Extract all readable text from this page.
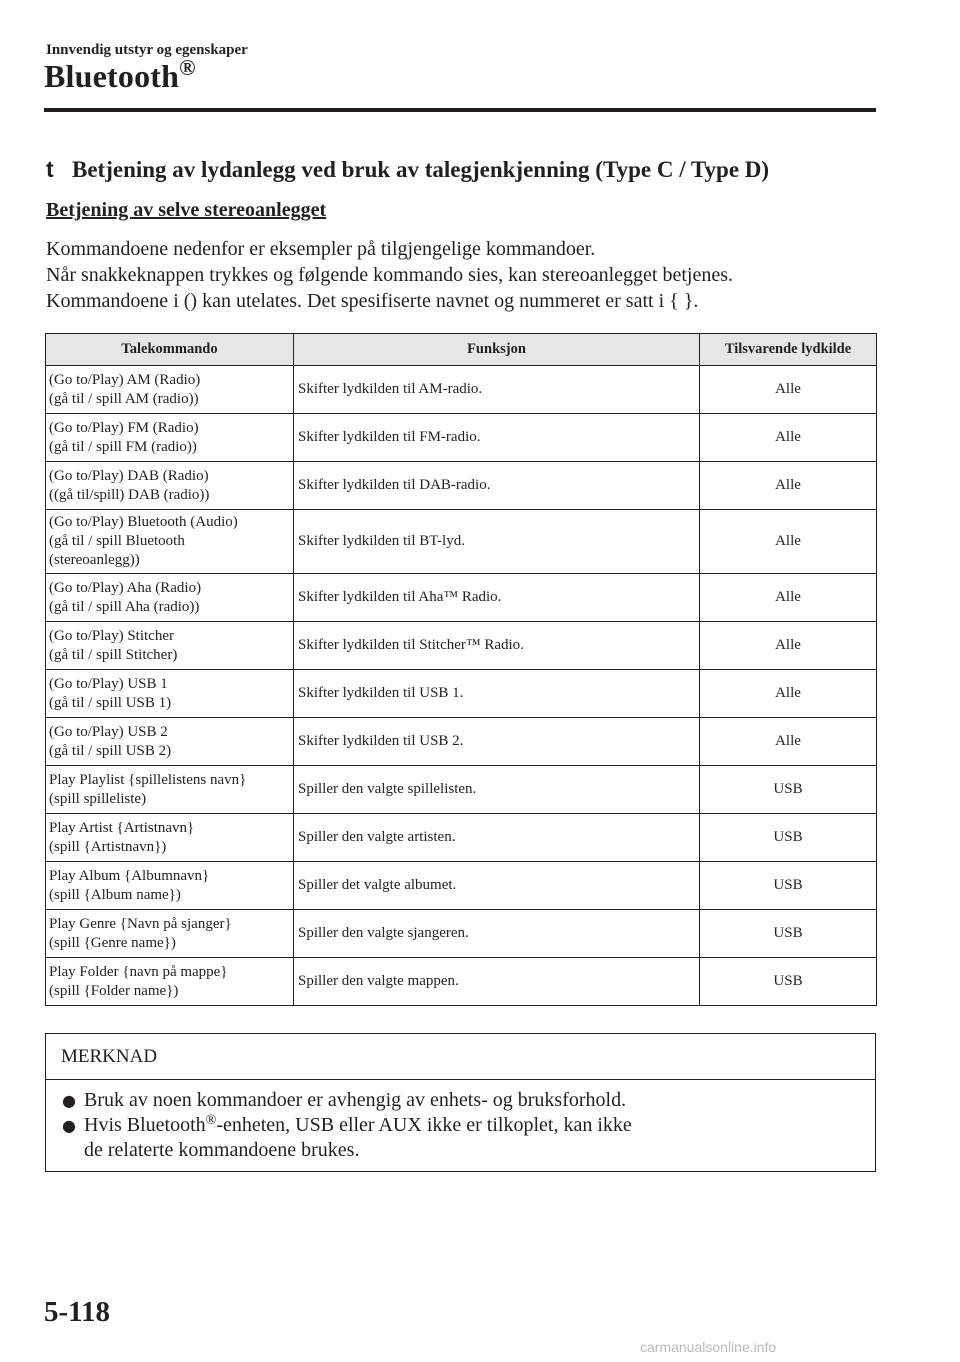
Innvendig utstyr og egenskaper
Bluetooth®
t Betjening av lydanlegg ved bruk av talegjenkjenning (Type C / Type D)
Betjening av selve stereoanlegget
Kommandoene nedenfor er eksempler på tilgjengelige kommandoer.
Når snakkeknappen trykkes og følgende kommando sies, kan stereoanlegget betjenes.
Kommandoene i () kan utelates. Det spesifiserte navnet og nummeret er satt i { }.
Talekommando	Funksjon	Tilsvarende lydkilde

(Go to/Play) AM (Radio)
(gå til / spill AM (radio))	Skifter lydkilden til AM-radio.	Alle

(Go to/Play) FM (Radio)
(gå til / spill FM (radio))	Skifter lydkilden til FM-radio.	Alle

(Go to/Play) DAB (Radio)
((gå til/spill) DAB (radio))	Skifter lydkilden til DAB-radio.	Alle

(Go to/Play) Bluetooth (Audio)
(gå til / spill Bluetooth
(stereoanlegg))	Skifter lydkilden til BT-lyd.	Alle

(Go to/Play) Aha (Radio)
(gå til / spill Aha (radio))	Skifter lydkilden til Aha™ Radio.	Alle

(Go to/Play) Stitcher
(gå til / spill Stitcher)	Skifter lydkilden til Stitcher™ Radio.	Alle

(Go to/Play) USB 1
(gå til / spill USB 1)	Skifter lydkilden til USB 1.	Alle

(Go to/Play) USB 2
(gå til / spill USB 2)	Skifter lydkilden til USB 2.	Alle

Play Playlist {spillelistens navn}
(spill spilleliste)	Spiller den valgte spillelisten.	USB

Play Artist {Artistnavn}
(spill {Artistnavn})	Spiller den valgte artisten.	USB

Play Album {Albumnavn}
(spill {Album name})	Spiller det valgte albumet.	USB

Play Genre {Navn på sjanger}
(spill {Genre name})	Spiller den valgte sjangeren.	USB

Play Folder {navn på mappe}
(spill {Folder name})	Spiller den valgte mappen.	USB
MERKNAD
● Bruk av noen kommandoer er avhengig av enhets- og bruksforhold.
● Hvis Bluetooth®-enheten, USB eller AUX ikke er tilkoplet, kan ikke
de relaterte kommandoene brukes.
5-118
carmanualsonline.info
